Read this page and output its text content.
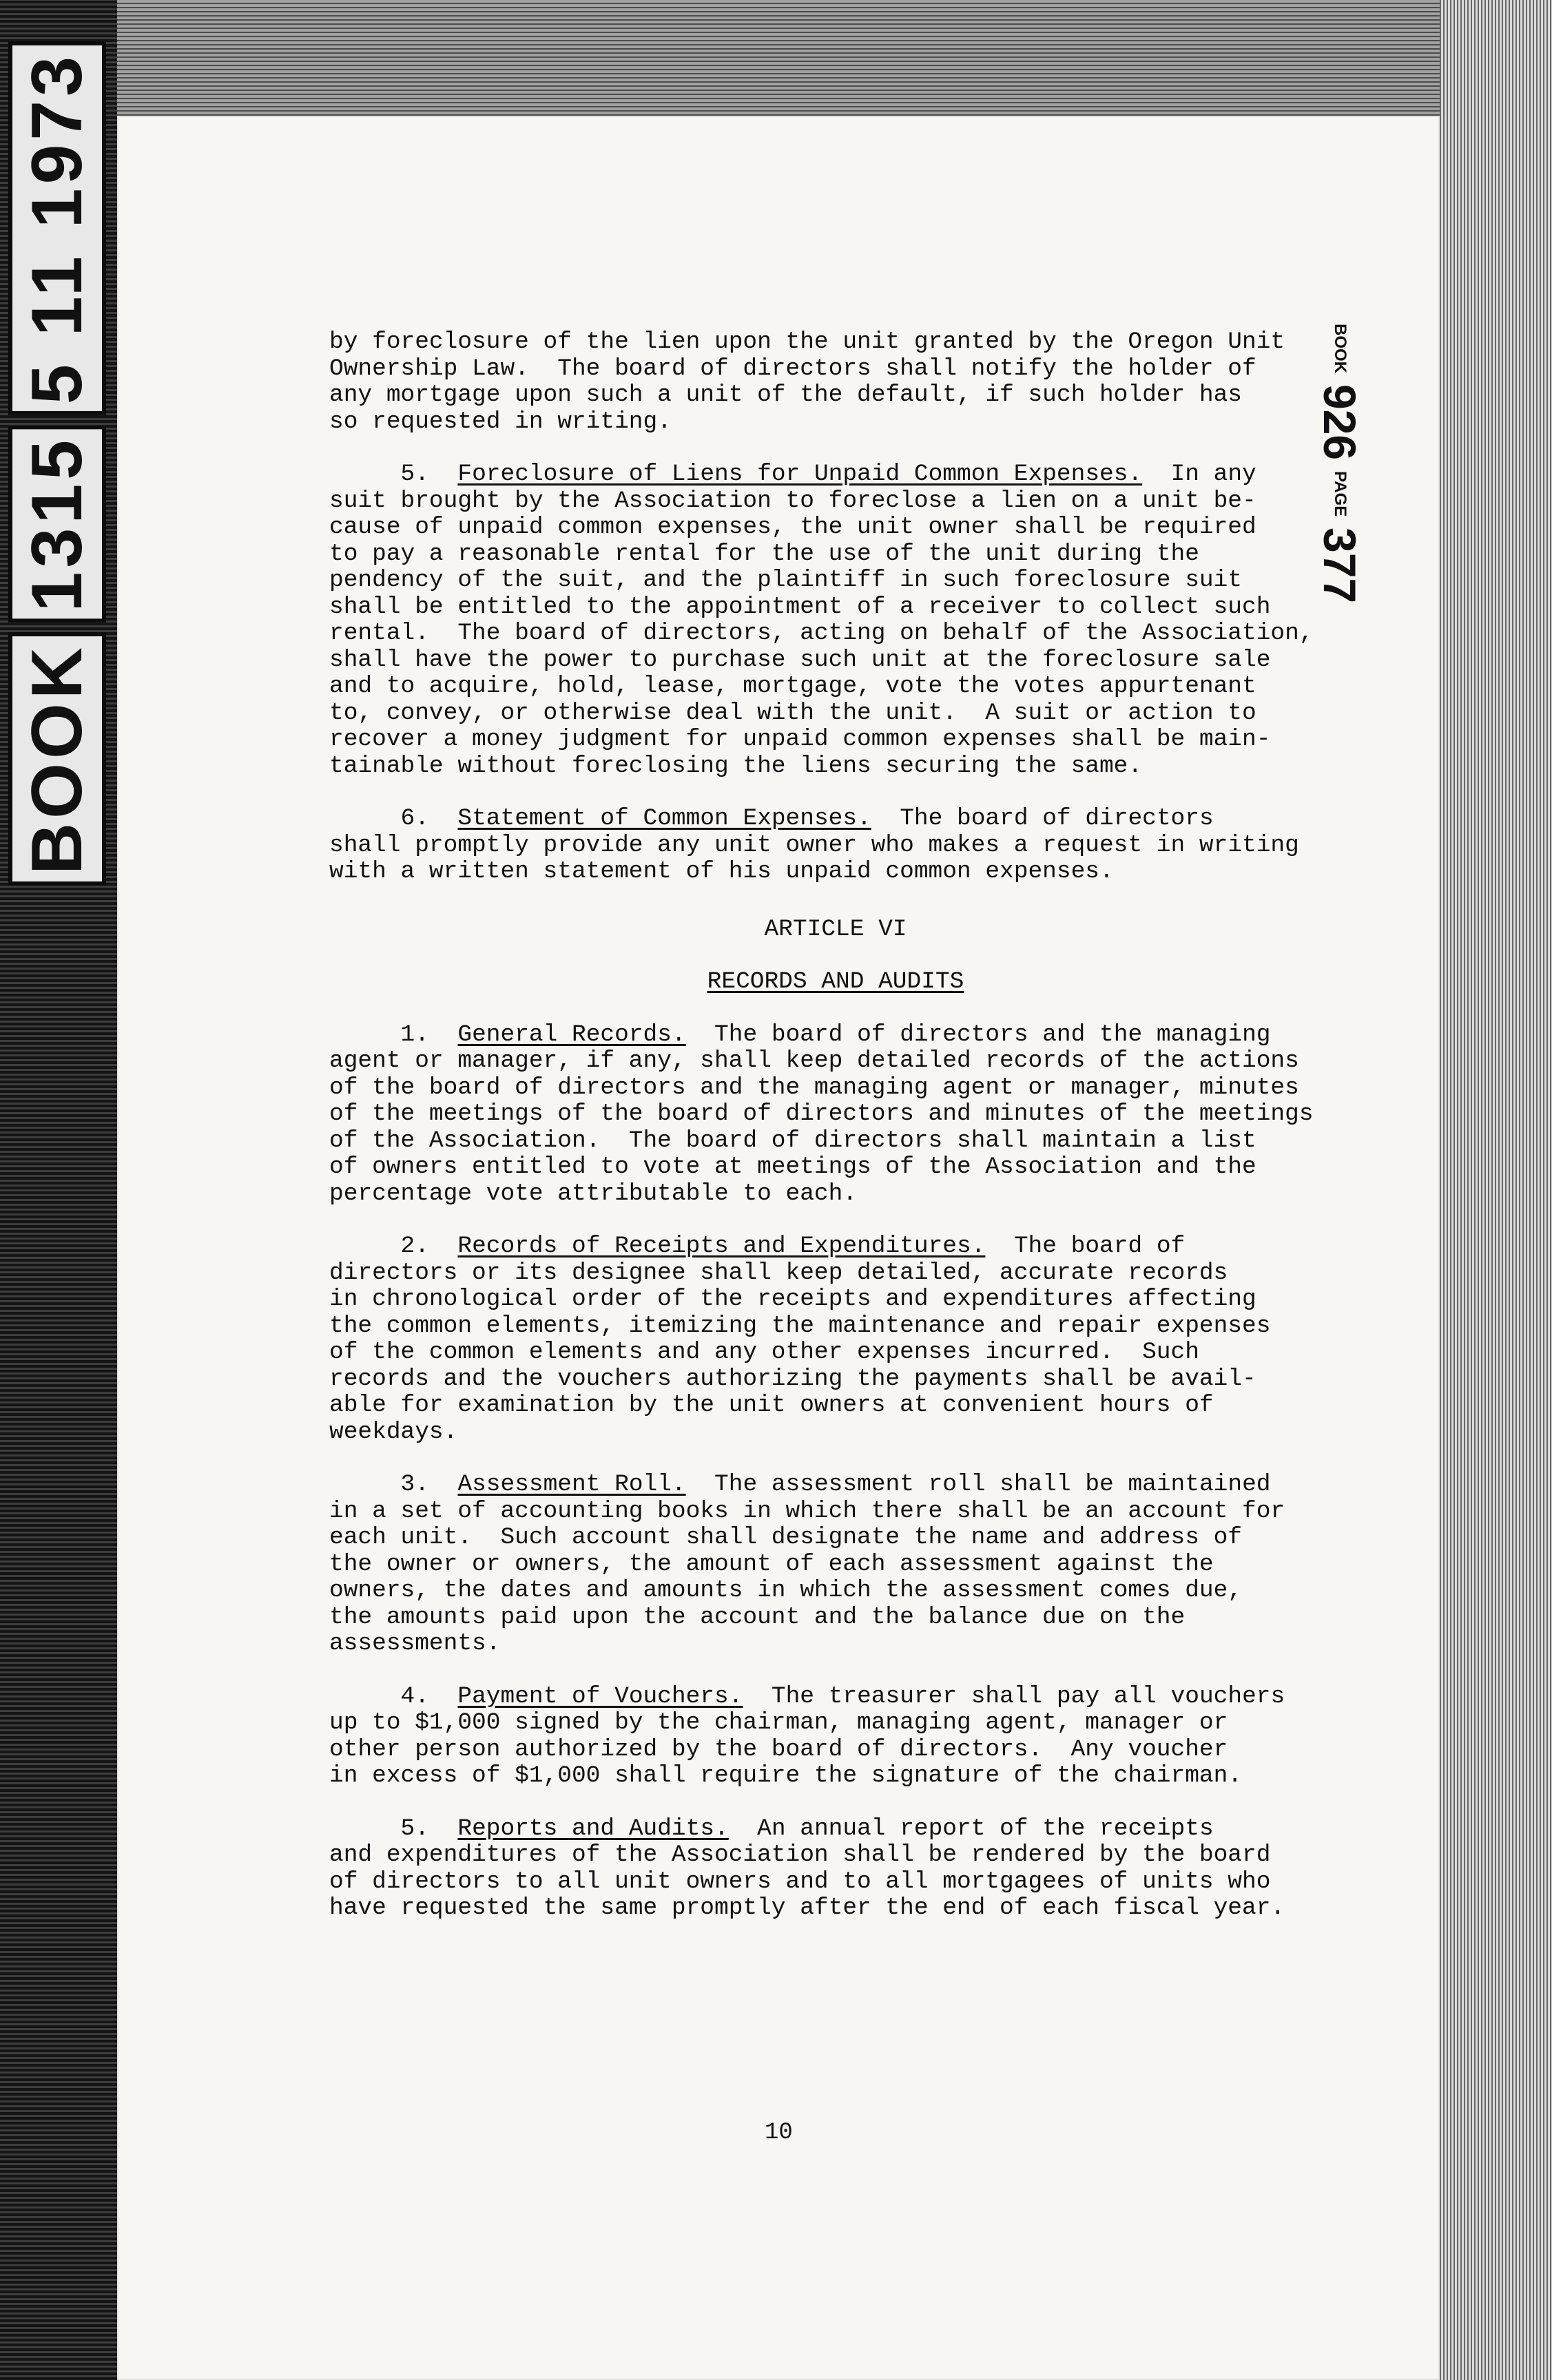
5 11 1973
1315
BOOK
BOOK
926
PAGE
377

by foreclosure of the lien upon the unit granted by the Oregon Unit

Ownership Law.  The board of directors shall notify the holder of

any mortgage upon such a unit of the default, if such holder has

so requested in writing.

5. Foreclosure of Liens for Unpaid Common Expenses.  In any

suit brought by the Association to foreclose a lien on a unit be-

cause of unpaid common expenses, the unit owner shall be required

to pay a reasonable rental for the use of the unit during the

pendency of the suit, and the plaintiff in such foreclosure suit

shall be entitled to the appointment of a receiver to collect such

rental.  The board of directors, acting on behalf of the Association,

shall have the power to purchase such unit at the foreclosure sale

and to acquire, hold, lease, mortgage, vote the votes appurtenant

to, convey, or otherwise deal with the unit.  A suit or action to

recover a money judgment for unpaid common expenses shall be main-

tainable without foreclosing the liens securing the same.

6. Statement of Common Expenses.  The board of directors

shall promptly provide any unit owner who makes a request in writing

with a written statement of his unpaid common expenses.

ARTICLE VI

RECORDS AND AUDITS

1. General Records.  The board of directors and the managing

agent or manager, if any, shall keep detailed records of the actions

of the board of directors and the managing agent or manager, minutes

of the meetings of the board of directors and minutes of the meetings

of the Association.  The board of directors shall maintain a list

of owners entitled to vote at meetings of the Association and the

percentage vote attributable to each.

2. Records of Receipts and Expenditures.  The board of

directors or its designee shall keep detailed, accurate records

in chronological order of the receipts and expenditures affecting

the common elements, itemizing the maintenance and repair expenses

of the common elements and any other expenses incurred.  Such

records and the vouchers authorizing the payments shall be avail-

able for examination by the unit owners at convenient hours of

weekdays.

3. Assessment Roll.  The assessment roll shall be maintained

in a set of accounting books in which there shall be an account for

each unit.  Such account shall designate the name and address of

the owner or owners, the amount of each assessment against the

owners, the dates and amounts in which the assessment comes due,

the amounts paid upon the account and the balance due on the

assessments.

4. Payment of Vouchers.  The treasurer shall pay all vouchers

up to $1,000 signed by the chairman, managing agent, manager or

other person authorized by the board of directors.  Any voucher

in excess of $1,000 shall require the signature of the chairman.

5. Reports and Audits.  An annual report of the receipts

and expenditures of the Association shall be rendered by the board

of directors to all unit owners and to all mortgagees of units who

have requested the same promptly after the end of each fiscal year.

10
